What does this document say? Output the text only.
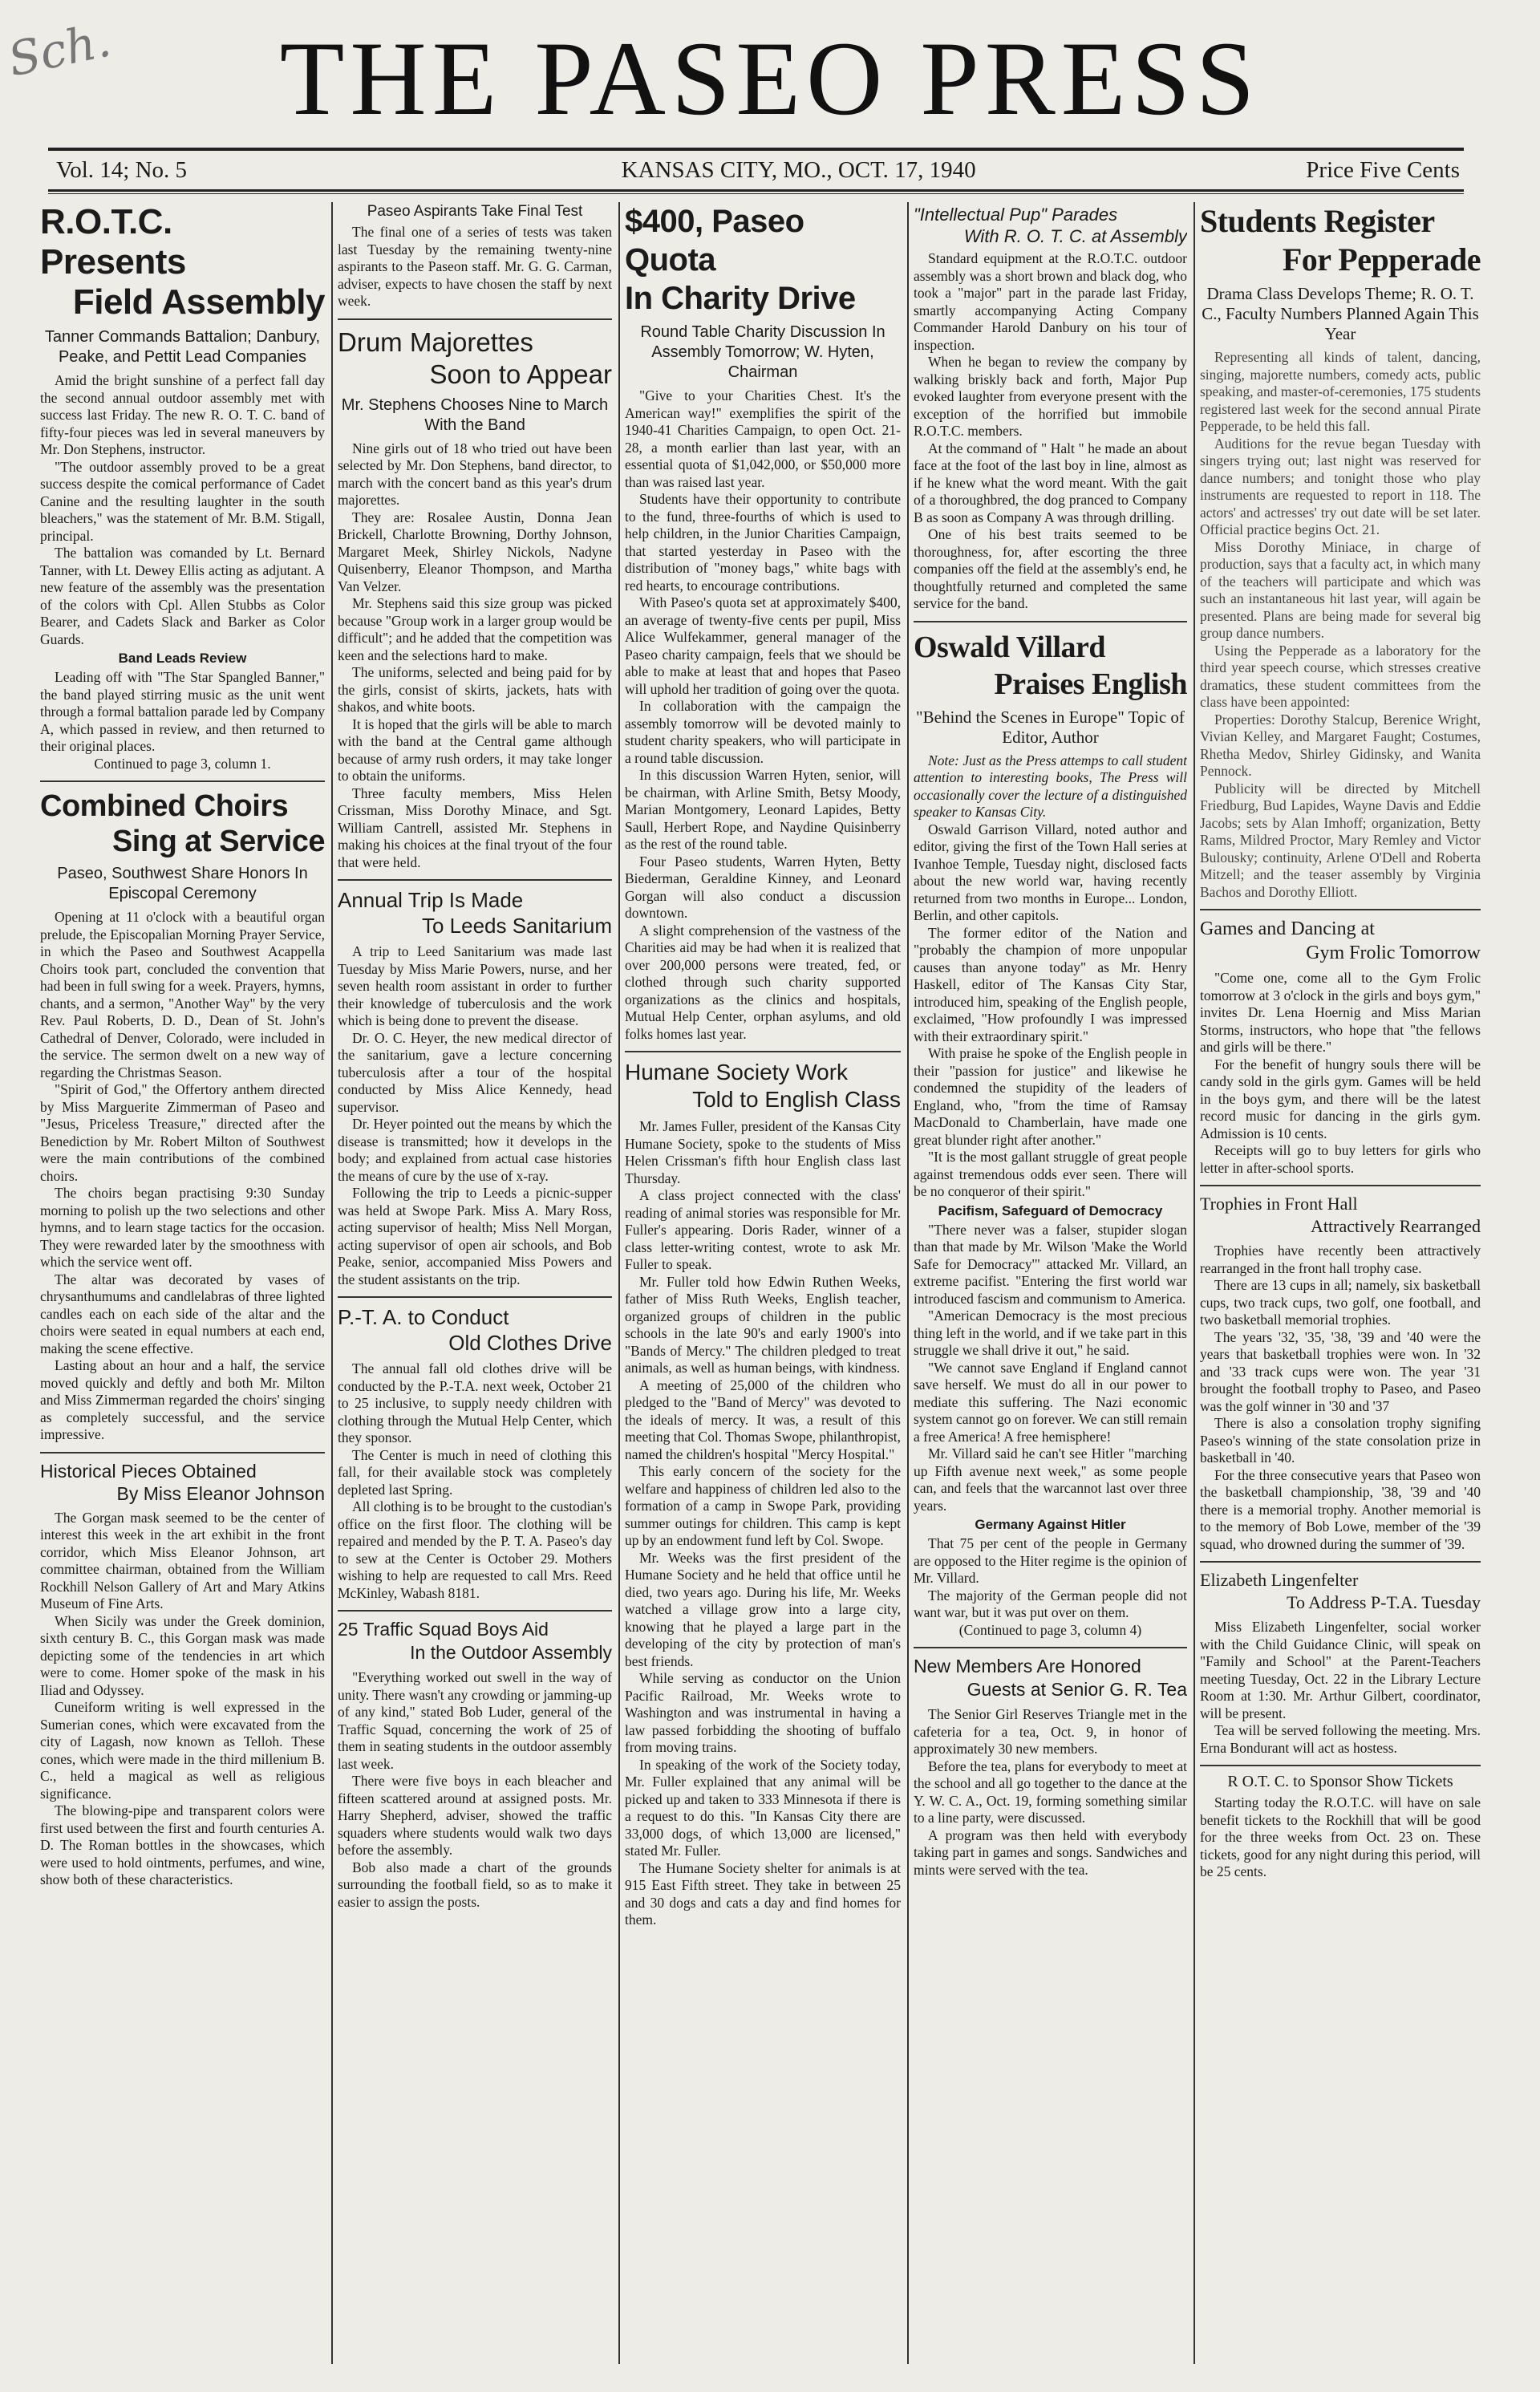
Sch.	THE PASEO PRESS
Vol. 14; No. 5	KANSAS CITY, MO., OCT. 17, 1940	Price Five Cents
R.O.T.C. Presents
Field Assembly
Tanner Commands Battalion; Danbury, Peake, and Pettit Lead Companies

Amid the bright sunshine of a perfect fall day the second annual outdoor assembly met with success last Friday. The new R. O. T. C. band of fifty-four pieces was led in several maneuvers by Mr. Don Stephens, instructor.

"The outdoor assembly proved to be a great success despite the comical performance of Cadet Canine and the resulting laughter in the south bleachers," was the statement of Mr. B.M. Stigall, principal.

The battalion was comanded by Lt. Bernard Tanner, with Lt. Dewey Ellis acting as adjutant. A new feature of the assembly was the presentation of the colors with Cpl. Allen Stubbs as Color Bearer, and Cadets Slack and Barker as Color Guards.

Band Leads Review

Leading off with "The Star Spangled Banner," the band played stirring music as the unit went through a formal battalion parade led by Company A, which passed in review, and then returned to their original places.

Continued to page 3, column 1.

Combined Choirs
Sing at Service
Paseo, Southwest Share Honors In Episcopal Ceremony

Opening at 11 o'clock with a beautiful organ prelude, the Episcopalian Morning Prayer Service, in which the Paseo and Southwest Acappella Choirs took part, concluded the convention that had been in full swing for a week. Prayers, hymns, chants, and a sermon, "Another Way" by the very Rev. Paul Roberts, D. D., Dean of St. John's Cathedral of Denver, Colorado, were included in the service. The sermon dwelt on a new way of regarding the Christmas Season.

"Spirit of God," the Offertory anthem directed by Miss Marguerite Zimmerman of Paseo and "Jesus, Priceless Treasure," directed after the Benediction by Mr. Robert Milton of Southwest were the main contributions of the combined choirs.

The choirs began practising 9:30 Sunday morning to polish up the two selections and other hymns, and to learn stage tactics for the occasion. They were rewarded later by the smoothness with which the service went off.

The altar was decorated by vases of chrysanthumums and candlelabras of three lighted candles each on each side of the altar and the choirs were seated in equal numbers at each end, making the scene effective.

Lasting about an hour and a half, the service moved quickly and deftly and both Mr. Milton and Miss Zimmerman regarded the choirs' singing as completely successful, and the service impressive.

Historical Pieces Obtained
By Miss Eleanor Johnson

The Gorgan mask seemed to be the center of interest this week in the art exhibit in the front corridor, which Miss Eleanor Johnson, art committee chairman, obtained from the William Rockhill Nelson Gallery of Art and Mary Atkins Museum of Fine Arts.

When Sicily was under the Greek dominion, sixth century B. C., this Gorgan mask was made depicting some of the tendencies in art which were to come. Homer spoke of the mask in his Iliad and Odyssey.

Cuneiform writing is well expressed in the Sumerian cones, which were excavated from the city of Lagash, now known as Telloh. These cones, which were made in the third millenium B. C., held a magical as well as religious significance.

The blowing-pipe and transparent colors were first used between the first and fourth centuries A. D. The Roman bottles in the showcases, which were used to hold ointments, perfumes, and wine, show both of these characteristics.

Paseo Aspirants Take Final Test

The final one of a series of tests was taken last Tuesday by the remaining twenty-nine aspirants to the Paseon staff. Mr. G. G. Carman, adviser, expects to have chosen the staff by next week.

Drum Majorettes
Soon to Appear
Mr. Stephens Chooses Nine to March With the Band

Nine girls out of 18 who tried out have been selected by Mr. Don Stephens, band director, to march with the concert band as this year's drum majorettes.

They are: Rosalee Austin, Donna Jean Brickell, Charlotte Browning, Dorthy Johnson, Margaret Meek, Shirley Nickols, Nadyne Quisenberry, Eleanor Thompson, and Martha Van Velzer.

Mr. Stephens said this size group was picked because "Group work in a larger group would be difficult"; and he added that the competition was keen and the selections hard to make.

The uniforms, selected and being paid for by the girls, consist of skirts, jackets, hats with shakos, and white boots.

It is hoped that the girls will be able to march with the band at the Central game although because of army rush orders, it may take longer to obtain the uniforms.

Three faculty members, Miss Helen Crissman, Miss Dorothy Minace, and Sgt. William Cantrell, assisted Mr. Stephens in making his choices at the final tryout of the four that were held.

Annual Trip Is Made
To Leeds Sanitarium

A trip to Leed Sanitarium was made last Tuesday by Miss Marie Powers, nurse, and her seven health room assistant in order to further their knowledge of tuberculosis and the work which is being done to prevent the disease.

Dr. O. C. Heyer, the new medical director of the sanitarium, gave a lecture concerning tuberculosis after a tour of the hospital conducted by Miss Alice Kennedy, head supervisor.

Dr. Heyer pointed out the means by which the disease is transmitted; how it develops in the body; and explained from actual case histories the means of cure by the use of x-ray.

Following the trip to Leeds a picnic-supper was held at Swope Park. Miss A. Mary Ross, acting supervisor of health; Miss Nell Morgan, acting supervisor of open air schools, and Bob Peake, senior, accompanied Miss Powers and the student assistants on the trip.

P.-T. A. to Conduct
Old Clothes Drive

The annual fall old clothes drive will be conducted by the P.-T.A. next week, October 21 to 25 inclusive, to supply needy children with clothing through the Mutual Help Center, which they sponsor.

The Center is much in need of clothing this fall, for their available stock was completely depleted last Spring.

All clothing is to be brought to the custodian's office on the first floor. The clothing will be repaired and mended by the P. T. A. Paseo's day to sew at the Center is October 29. Mothers wishing to help are requested to call Mrs. Reed McKinley, Wabash 8181.

25 Traffic Squad Boys Aid
In the Outdoor Assembly

"Everything worked out swell in the way of unity. There wasn't any crowding or jamming-up of any kind," stated Bob Luder, general of the Traffic Squad, concerning the work of 25 of them in seating students in the outdoor assembly last week.

There were five boys in each bleacher and fifteen scattered around at assigned posts. Mr. Harry Shepherd, adviser, showed the traffic squaders where students would walk two days before the assembly.

Bob also made a chart of the grounds surrounding the football field, so as to make it easier to assign the posts.

$400, Paseo Quota
In Charity Drive
Round Table Charity Discussion In Assembly Tomorrow; W. Hyten, Chairman

"Give to your Charities Chest. It's the American way!" exemplifies the spirit of the 1940-41 Charities Campaign, to open Oct. 21-28, a month earlier than last year, with an essential quota of $1,042,000, or $50,000 more than was raised last year.

Students have their opportunity to contribute to the fund, three-fourths of which is used to help children, in the Junior Charities Campaign, that started yesterday in Paseo with the distribution of "money bags," white bags with red hearts, to encourage contributions.

With Paseo's quota set at approximately $400, an average of twenty-five cents per pupil, Miss Alice Wulfekammer, general manager of the Paseo charity campaign, feels that we should be able to make at least that and hopes that Paseo will uphold her tradition of going over the quota.

In collaboration with the campaign the assembly tomorrow will be devoted mainly to student charity speakers, who will participate in a round table discussion.

In this discussion Warren Hyten, senior, will be chairman, with Arline Smith, Betsy Moody, Marian Montgomery, Leonard Lapides, Betty Saull, Herbert Rope, and Naydine Quisinberry as the rest of the round table.

Four Paseo students, Warren Hyten, Betty Biederman, Geraldine Kinney, and Leonard Gorgan will also conduct a discussion downtown.

A slight comprehension of the vastness of the Charities aid may be had when it is realized that over 200,000 persons were treated, fed, or clothed through such charity supported organizations as the clinics and hospitals, Mutual Help Center, orphan asylums, and old folks homes last year.

Humane Society Work
Told to English Class

Mr. James Fuller, president of the Kansas City Humane Society, spoke to the students of Miss Helen Crissman's fifth hour English class last Thursday.

A class project connected with the class' reading of animal stories was responsible for Mr. Fuller's appearing. Doris Rader, winner of a class letter-writing contest, wrote to ask Mr. Fuller to speak.

Mr. Fuller told how Edwin Ruthen Weeks, father of Miss Ruth Weeks, English teacher, organized groups of children in the public schools in the late 90's and early 1900's into "Bands of Mercy." The children pledged to treat animals, as well as human beings, with kindness.

A meeting of 25,000 of the children who pledged to the "Band of Mercy" was devoted to the ideals of mercy. It was, a result of this meeting that Col. Thomas Swope, philanthropist, named the children's hospital "Mercy Hospital."

This early concern of the society for the welfare and happiness of children led also to the formation of a camp in Swope Park, providing summer outings for children. This camp is kept up by an endowment fund left by Col. Swope.

Mr. Weeks was the first president of the Humane Society and he held that office until he died, two years ago. During his life, Mr. Weeks watched a village grow into a large city, knowing that he played a large part in the developing of the city by protection of man's best friends.

While serving as conductor on the Union Pacific Railroad, Mr. Weeks wrote to Washington and was instrumental in having a law passed forbidding the shooting of buffalo from moving trains.

In speaking of the work of the Society today, Mr. Fuller explained that any animal will be picked up and taken to 333 Minnesota if there is a request to do this. "In Kansas City there are 33,000 dogs, of which 13,000 are licensed," stated Mr. Fuller.

The Humane Society shelter for animals is at 915 East Fifth street. They take in between 25 and 30 dogs and cats a day and find homes for them.

"Intellectual Pup" Parades
With R. O. T. C. at Assembly

Standard equipment at the R.O.T.C. outdoor assembly was a short brown and black dog, who took a "major" part in the parade last Friday, smartly accompanying Acting Company Commander Harold Danbury on his tour of inspection.

When he began to review the company by walking briskly back and forth, Major Pup evoked laughter from everyone present with the exception of the horrified but immobile R.O.T.C. members.

At the command of " Halt " he made an about face at the foot of the last boy in line, almost as if he knew what the word meant. With the gait of a thoroughbred, the dog pranced to Company B as soon as Company A was through drilling.

One of his best traits seemed to be thoroughness, for, after escorting the three companies off the field at the assembly's end, he thoughtfully returned and completed the same service for the band.

Oswald Villard
Praises English
"Behind the Scenes in Europe" Topic of Editor, Author

Note: Just as the Press attemps to call student attention to interesting books, The Press will occasionally cover the lecture of a distinguished speaker to Kansas City.

Oswald Garrison Villard, noted author and editor, giving the first of the Town Hall series at Ivanhoe Temple, Tuesday night, disclosed facts about the new world war, having recently returned from two months in Europe... London, Berlin, and other capitols.

The former editor of the Nation and "probably the champion of more unpopular causes than anyone today" as Mr. Henry Haskell, editor of The Kansas City Star, introduced him, speaking of the English people, exclaimed, "How profoundly I was impressed with their extraordinary spirit."

With praise he spoke of the English people in their "passion for justice" and likewise he condemned the stupidity of the leaders of England, who, "from the time of Ramsay MacDonald to Chamberlain, have made one great blunder right after another."

"It is the most gallant struggle of great people against tremendous odds ever seen. There will be no conqueror of their spirit."

Pacifism, Safeguard of Democracy

"There never was a falser, stupider slogan than that made by Mr. Wilson 'Make the World Safe for Democracy'" attacked Mr. Villard, an extreme pacifist. "Entering the first world war introduced fascism and communism to America.

"American Democracy is the most precious thing left in the world, and if we take part in this struggle we shall drive it out," he said.

"We cannot save England if England cannot save herself. We must do all in our power to mediate this suffering. The Nazi economic system cannot go on forever. We can still remain a free America! A free hemisphere!

Mr. Villard said he can't see Hitler "marching up Fifth avenue next week," as some people can, and feels that the warcannot last over three years.

Germany Against Hitler

That 75 per cent of the people in Germany are opposed to the Hiter regime is the opinion of Mr. Villard.

The majority of the German people did not want war, but it was put over on them.

(Continued to page 3, column 4)

New Members Are Honored
Guests at Senior G. R. Tea

The Senior Girl Reserves Triangle met in the cafeteria for a tea, Oct. 9, in honor of approximately 30 new members.

Before the tea, plans for everybody to meet at the school and all go together to the dance at the Y. W. C. A., Oct. 19, forming something similar to a line party, were discussed.

A program was then held with everybody taking part in games and songs. Sandwiches and mints were served with the tea.

Students Register
For Pepperade
Drama Class Develops Theme; R. O. T. C., Faculty Numbers Planned Again This Year

Representing all kinds of talent, dancing, singing, majorette numbers, comedy acts, public speaking, and master-of-ceremonies, 175 students registered last week for the second annual Pirate Pepperade, to be held this fall.

Auditions for the revue began Tuesday with singers trying out; last night was reserved for dance numbers; and tonight those who play instruments are requested to report in 118. The actors' and actresses' try out date will be set later. Official practice begins Oct. 21.

Miss Dorothy Miniace, in charge of production, says that a faculty act, in which many of the teachers will participate and which was such an instantaneous hit last year, will again be presented. Plans are being made for several big group dance numbers.

Using the Pepperade as a laboratory for the third year speech course, which stresses creative dramatics, these student committees from the class have been appointed:

Properties: Dorothy Stalcup, Berenice Wright, Vivian Kelley, and Margaret Faught; Costumes, Rhetha Medov, Shirley Gidinsky, and Wanita Pennock.

Publicity will be directed by Mitchell Friedburg, Bud Lapides, Wayne Davis and Eddie Jacobs; sets by Alan Imhoff; organization, Betty Rams, Mildred Proctor, Mary Remley and Victor Bulousky; continuity, Arlene O'Dell and Roberta Mitzell; and the teaser assembly by Virginia Bachos and Dorothy Elliott.

Games and Dancing at
Gym Frolic Tomorrow

"Come one, come all to the Gym Frolic tomorrow at 3 o'clock in the girls and boys gym," invites Dr. Lena Hoernig and Miss Marian Storms, instructors, who hope that "the fellows and girls will be there."

For the benefit of hungry souls there will be candy sold in the girls gym. Games will be held in the boys gym, and there will be the latest record music for dancing in the girls gym. Admission is 10 cents.

Receipts will go to buy letters for girls who letter in after-school sports.

Trophies in Front Hall
Attractively Rearranged

Trophies have recently been attractively rearranged in the front hall trophy case.

There are 13 cups in all; namely, six basketball cups, two track cups, two golf, one football, and two basketball memorial trophies.

The years '32, '35, '38, '39 and '40 were the years that basketball trophies were won. In '32 and '33 track cups were won. The year '31 brought the football trophy to Paseo, and Paseo was the golf winner in '30 and '37

There is also a consolation trophy signifing Paseo's winning of the state consolation prize in basketball in '40.

For the three consecutive years that Paseo won the basketball championship, '38, '39 and '40 there is a memorial trophy. Another memorial is to the memory of Bob Lowe, member of the '39 squad, who drowned during the summer of '39.

Elizabeth Lingenfelter
To Address P-T.A. Tuesday

Miss Elizabeth Lingenfelter, social worker with the Child Guidance Clinic, will speak on "Family and School" at the Parent-Teachers meeting Tuesday, Oct. 22 in the Library Lecture Room at 1:30. Mr. Arthur Gilbert, coordinator, will be present.

Tea will be served following the meeting. Mrs. Erna Bondurant will act as hostess.

R O.T. C. to Sponsor Show Tickets

Starting today the R.O.T.C. will have on sale benefit tickets to the Rockhill that will be good for the three weeks from Oct. 23 on. These tickets, good for any night during this period, will be 25 cents.
